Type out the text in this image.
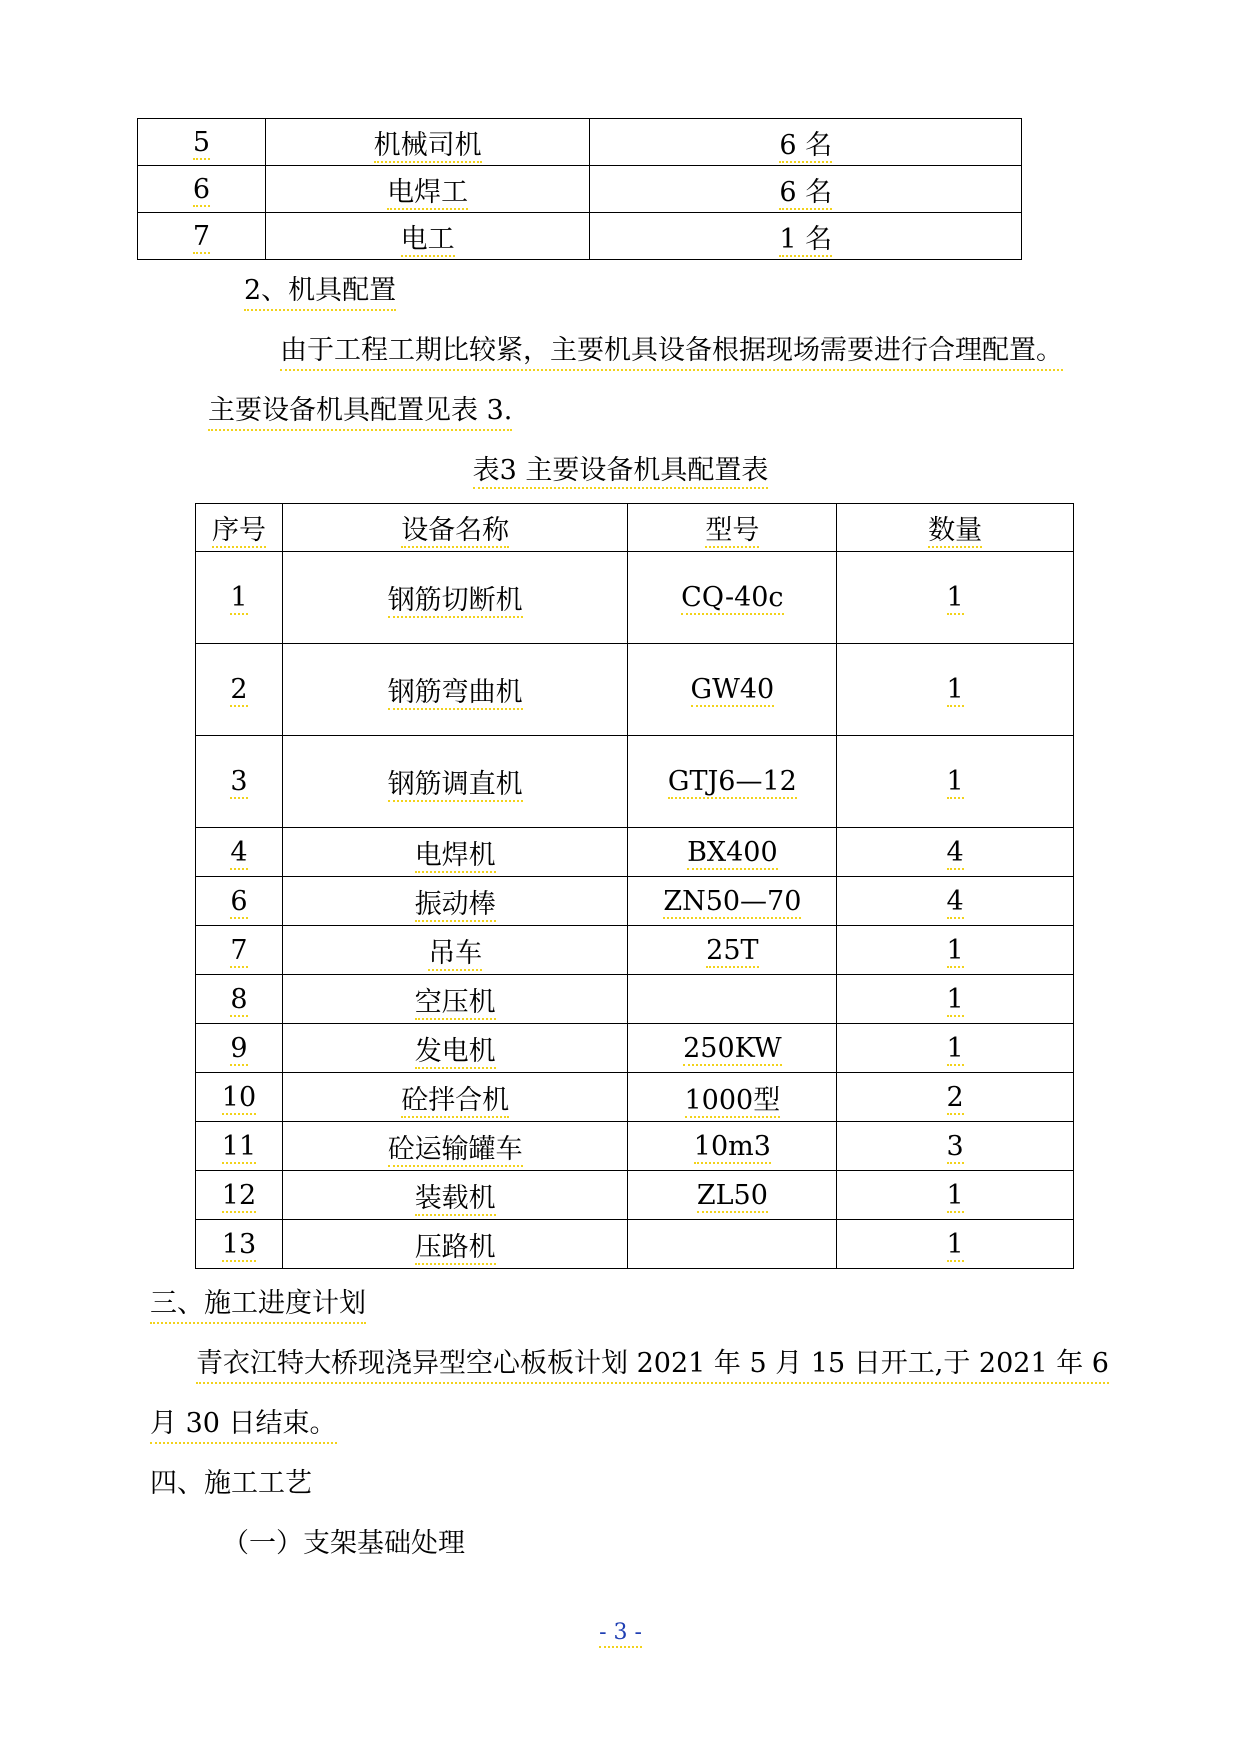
5	机械司机	6 名
6	电焊工	6 名
7	电工	1 名
2、机具配置
由于工程工期比较紧，主要机具设备根据现场需要进行合理配置。
主要设备机具配置见表 3.
表3 主要设备机具配置表
序号	设备名称	型号	数量
1	钢筋切断机	CQ-40c	1
2	钢筋弯曲机	GW40	1
3	钢筋调直机	GTJ6—12	1
4	电焊机	BX400	4
6	振动棒	ZN50—70	4
7	吊车	25T	1
8	空压机		1
9	发电机	250KW	1
10	砼拌合机	1000型	2
11	砼运输罐车	10m3	3
12	装载机	ZL50	1
13	压路机		1
三、施工进度计划
青衣江特大桥现浇异型空心板板计划 2021 年 5 月 15 日开工,于 2021 年 6
月 30 日结束。
四、施工工艺
（一）支架基础处理
- 3 -
